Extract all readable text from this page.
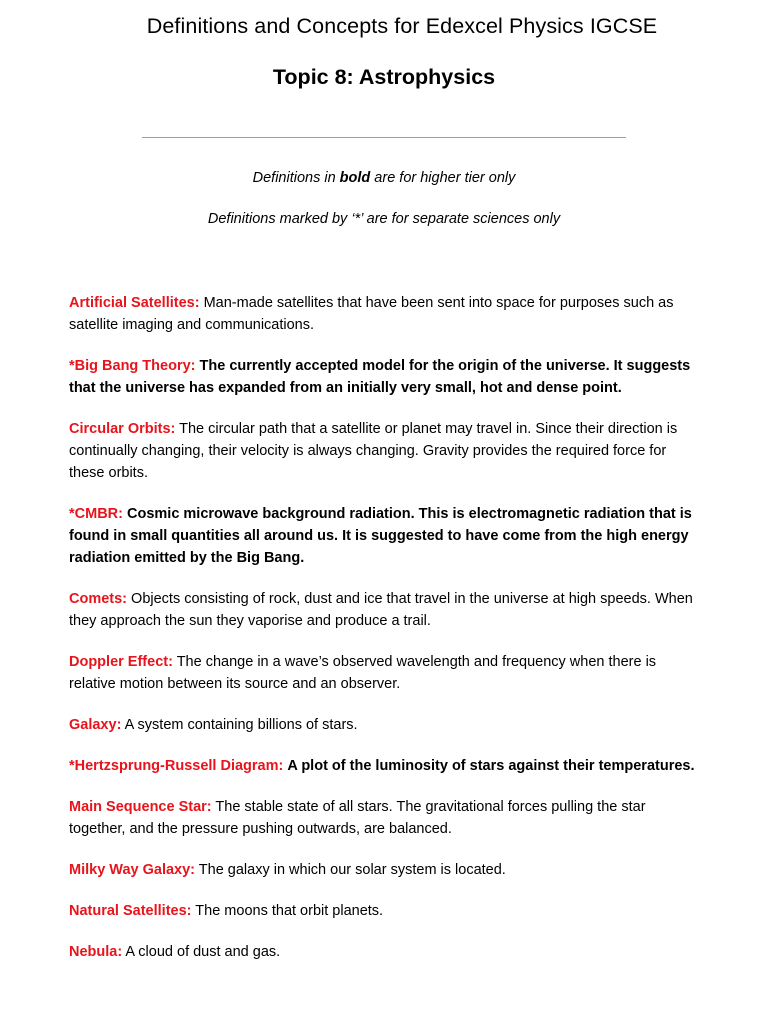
Definitions and Concepts for Edexcel Physics IGCSE
Topic 8: Astrophysics
Definitions in bold are for higher tier only
Definitions marked by ‘*’ are for separate sciences only
Artificial Satellites: Man-made satellites that have been sent into space for purposes such as satellite imaging and communications.
*Big Bang Theory: The currently accepted model for the origin of the universe. It suggests that the universe has expanded from an initially very small, hot and dense point.
Circular Orbits: The circular path that a satellite or planet may travel in. Since their direction is continually changing, their velocity is always changing. Gravity provides the required force for these orbits.
*CMBR: Cosmic microwave background radiation. This is electromagnetic radiation that is found in small quantities all around us. It is suggested to have come from the high energy radiation emitted by the Big Bang.
Comets: Objects consisting of rock, dust and ice that travel in the universe at high speeds. When they approach the sun they vaporise and produce a trail.
Doppler Effect: The change in a wave’s observed wavelength and frequency when there is relative motion between its source and an observer.
Galaxy: A system containing billions of stars.
*Hertzsprung-Russell Diagram: A plot of the luminosity of stars against their temperatures.
Main Sequence Star: The stable state of all stars. The gravitational forces pulling the star together, and the pressure pushing outwards, are balanced.
Milky Way Galaxy: The galaxy in which our solar system is located.
Natural Satellites: The moons that orbit planets.
Nebula: A cloud of dust and gas.
